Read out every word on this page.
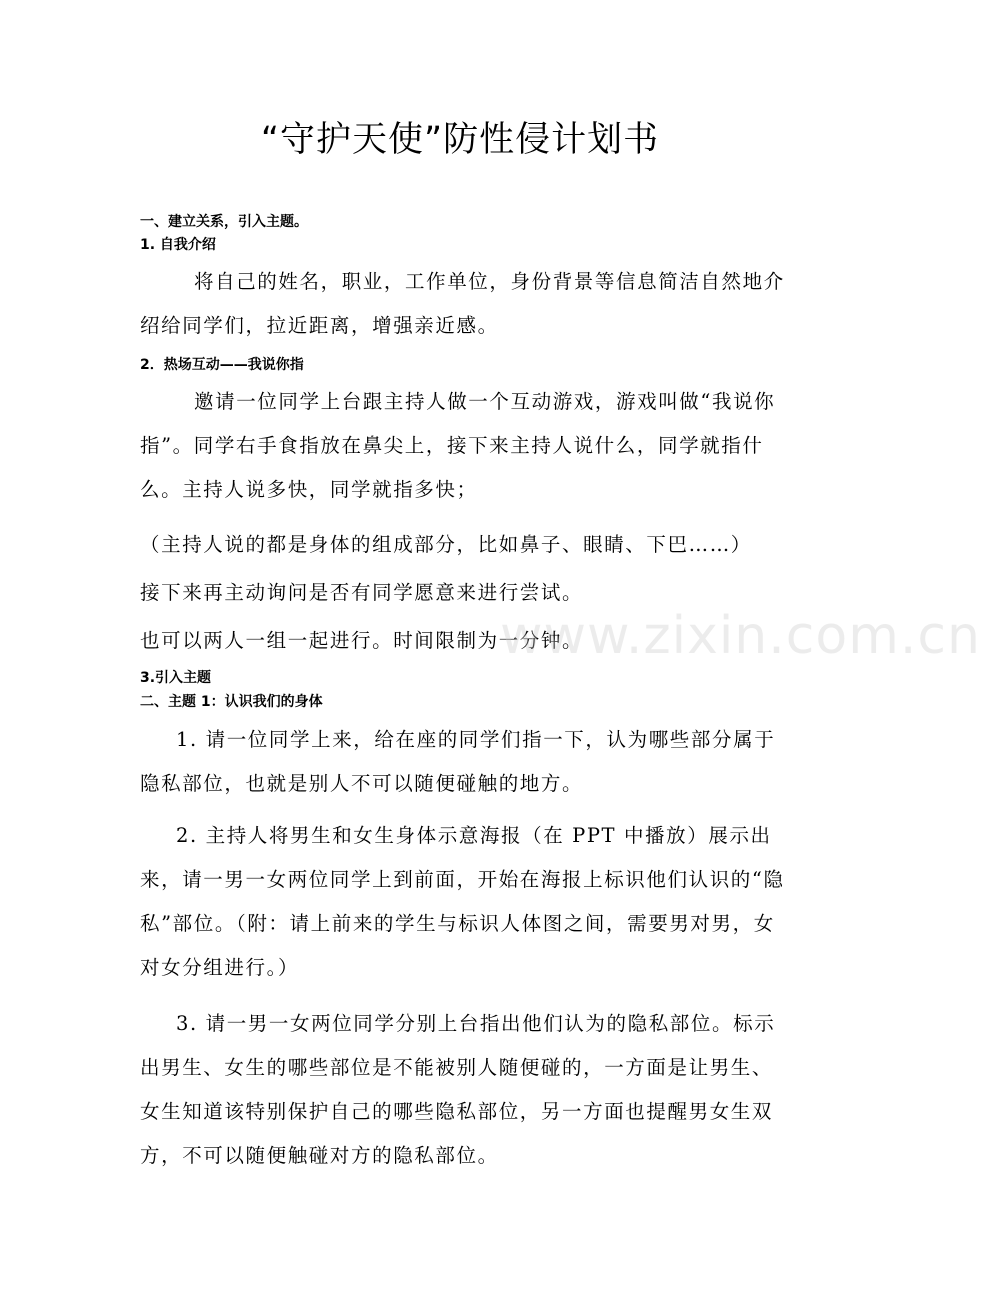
“守护天使”防性侵计划书
一、建立关系，引入主题。
1. 自我介绍

将自己的姓名，职业，工作单位，身份背景等信息简洁自然地介绍给同学们，拉近距离，增强亲近感。

2．热场互动——我说你指

邀请一位同学上台跟主持人做一个互动游戏，游戏叫做“我说你指”。同学右手食指放在鼻尖上，接下来主持人说什么，同学就指什么。主持人说多快，同学就指多快；

（主持人说的都是身体的组成部分，比如鼻子、眼睛、下巴……）
接下来再主动询问是否有同学愿意来进行尝试。
也可以两人一组一起进行。时间限制为一分钟。
3.引入主题
二、主题 1：认识我们的身体

1. 请一位同学上来，给在座的同学们指一下，认为哪些部分属于隐私部位，也就是别人不可以随便碰触的地方。

2. 主持人将男生和女生身体示意海报（在 PPT 中播放）展示出来，请一男一女两位同学上到前面，开始在海报上标识他们认识的“隐私”部位。（附：请上前来的学生与标识人体图之间，需要男对男，女对女分组进行。）

3. 请一男一女两位同学分别上台指出他们认为的隐私部位。标示出男生、女生的哪些部位是不能被别人随便碰的，一方面是让男生、女生知道该特别保护自己的哪些隐私部位，另一方面也提醒男女生双方，不可以随便触碰对方的隐私部位。

www.zixin.com.cn
